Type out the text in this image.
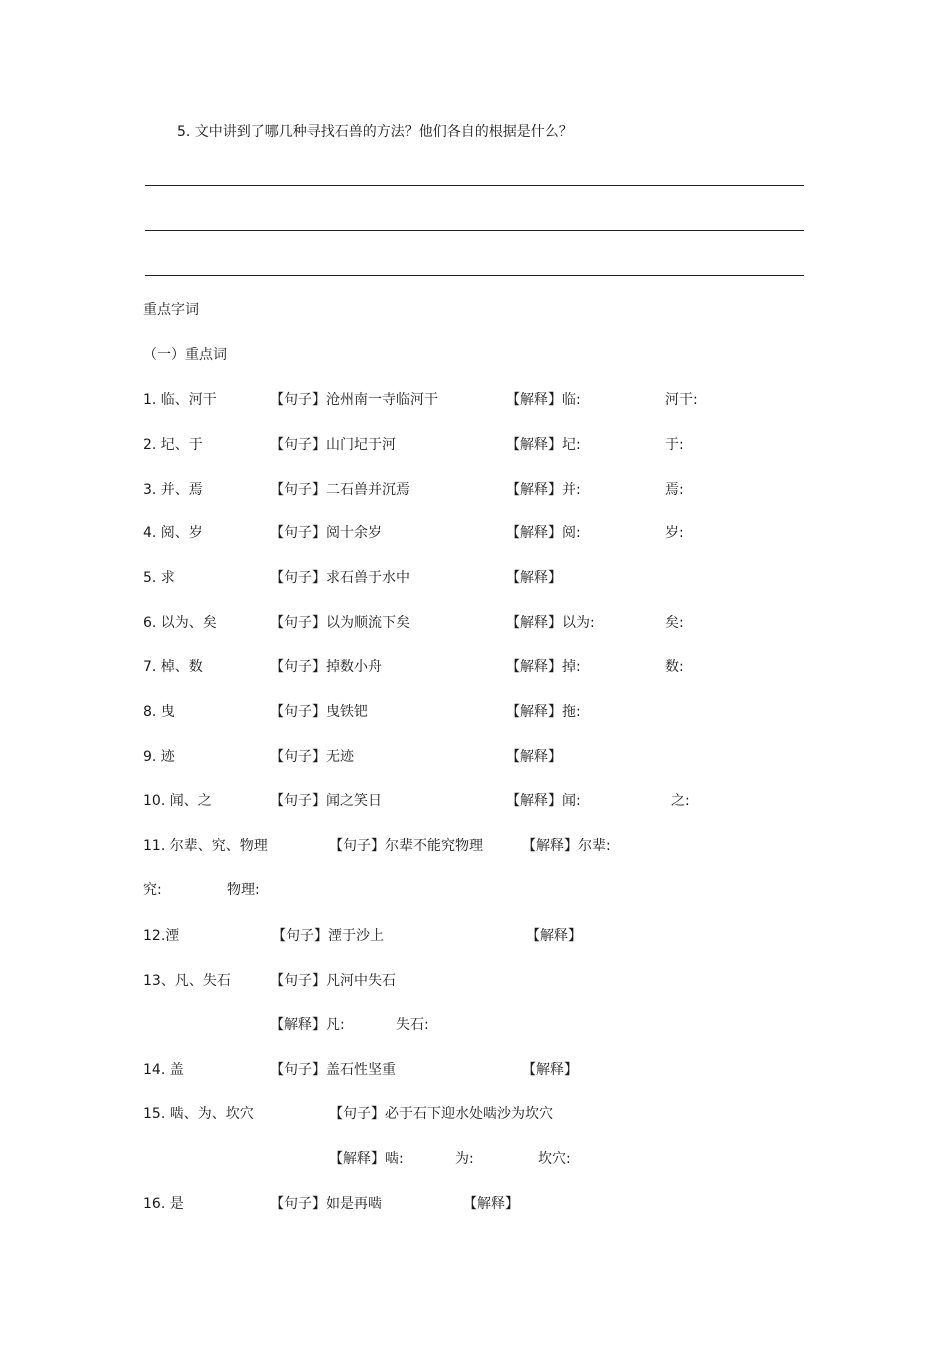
5. 文中讲到了哪几种寻找石兽的方法？他们各自的根据是什么？
重点字词
（一）重点词
1. 临、河干	【句子】沧州南一寺临河干	【解释】临:	河干:
2. 圮、于	【句子】山门圮于河	【解释】圮:	于:
3. 并、焉	【句子】二石兽并沉焉	【解释】并:	焉:
4. 阅、岁	【句子】阅十余岁	【解释】阅:	岁:
5. 求	【句子】求石兽于水中	【解释】
6. 以为、矣	【句子】以为顺流下矣	【解释】以为:	矣:
7. 棹、数	【句子】掉数小舟	【解释】掉:	数:
8. 曳	【句子】曳铁钯	【解释】拖:
9. 迹	【句子】无迹	【解释】
10. 闻、之	【句子】闻之笑日	【解释】闻:	之:
11. 尔辈、究、物理	【句子】尔辈不能究物理	【解释】尔辈:
究:	物理:
12.湮	【句子】湮于沙上	【解释】
13、凡、失石	【句子】凡河中失石
【解释】凡:	失石:
14. 盖	【句子】盖石性坚重	【解释】
15. 啮、为、坎穴	【句子】必于石下迎水处啮沙为坎穴
【解释】啮:	为:	坎穴:
16. 是	【句子】如是再啮	【解释】
